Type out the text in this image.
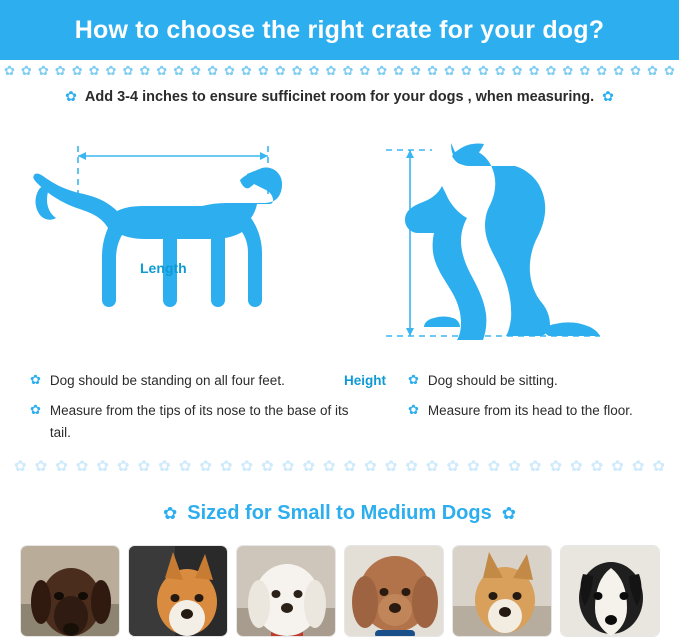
How to choose the right crate for your dog?
✿ ✿ ✿ ✿ ✿ ✿ ✿ ✿ ✿ ✿ ✿ ✿ ✿ ✿ ✿ ✿ ✿ ✿ ✿ ✿ ✿ ✿ ✿ ✿ ✿ ✿ ✿ ✿ ✿ ✿ ✿ ✿ ✿ ✿ ✿ ✿ ✿ ✿ ✿ ✿
✿ Add 3-4 inches to ensure sufficinet room for your dogs , when measuring. ✿
Length
Height
✿ Dog should be standing on all four feet.
✿ Measure from the tips of its nose to the base of its tail.
✿ Dog should be sitting.
✿ Measure from its head to the floor.
✿ ✿ ✿ ✿ ✿ ✿ ✿ ✿ ✿ ✿ ✿ ✿ ✿ ✿ ✿ ✿ ✿ ✿ ✿ ✿ ✿ ✿ ✿ ✿ ✿ ✿ ✿ ✿ ✿ ✿ ✿ ✿
✿ Sized for Small to Medium Dogs ✿
